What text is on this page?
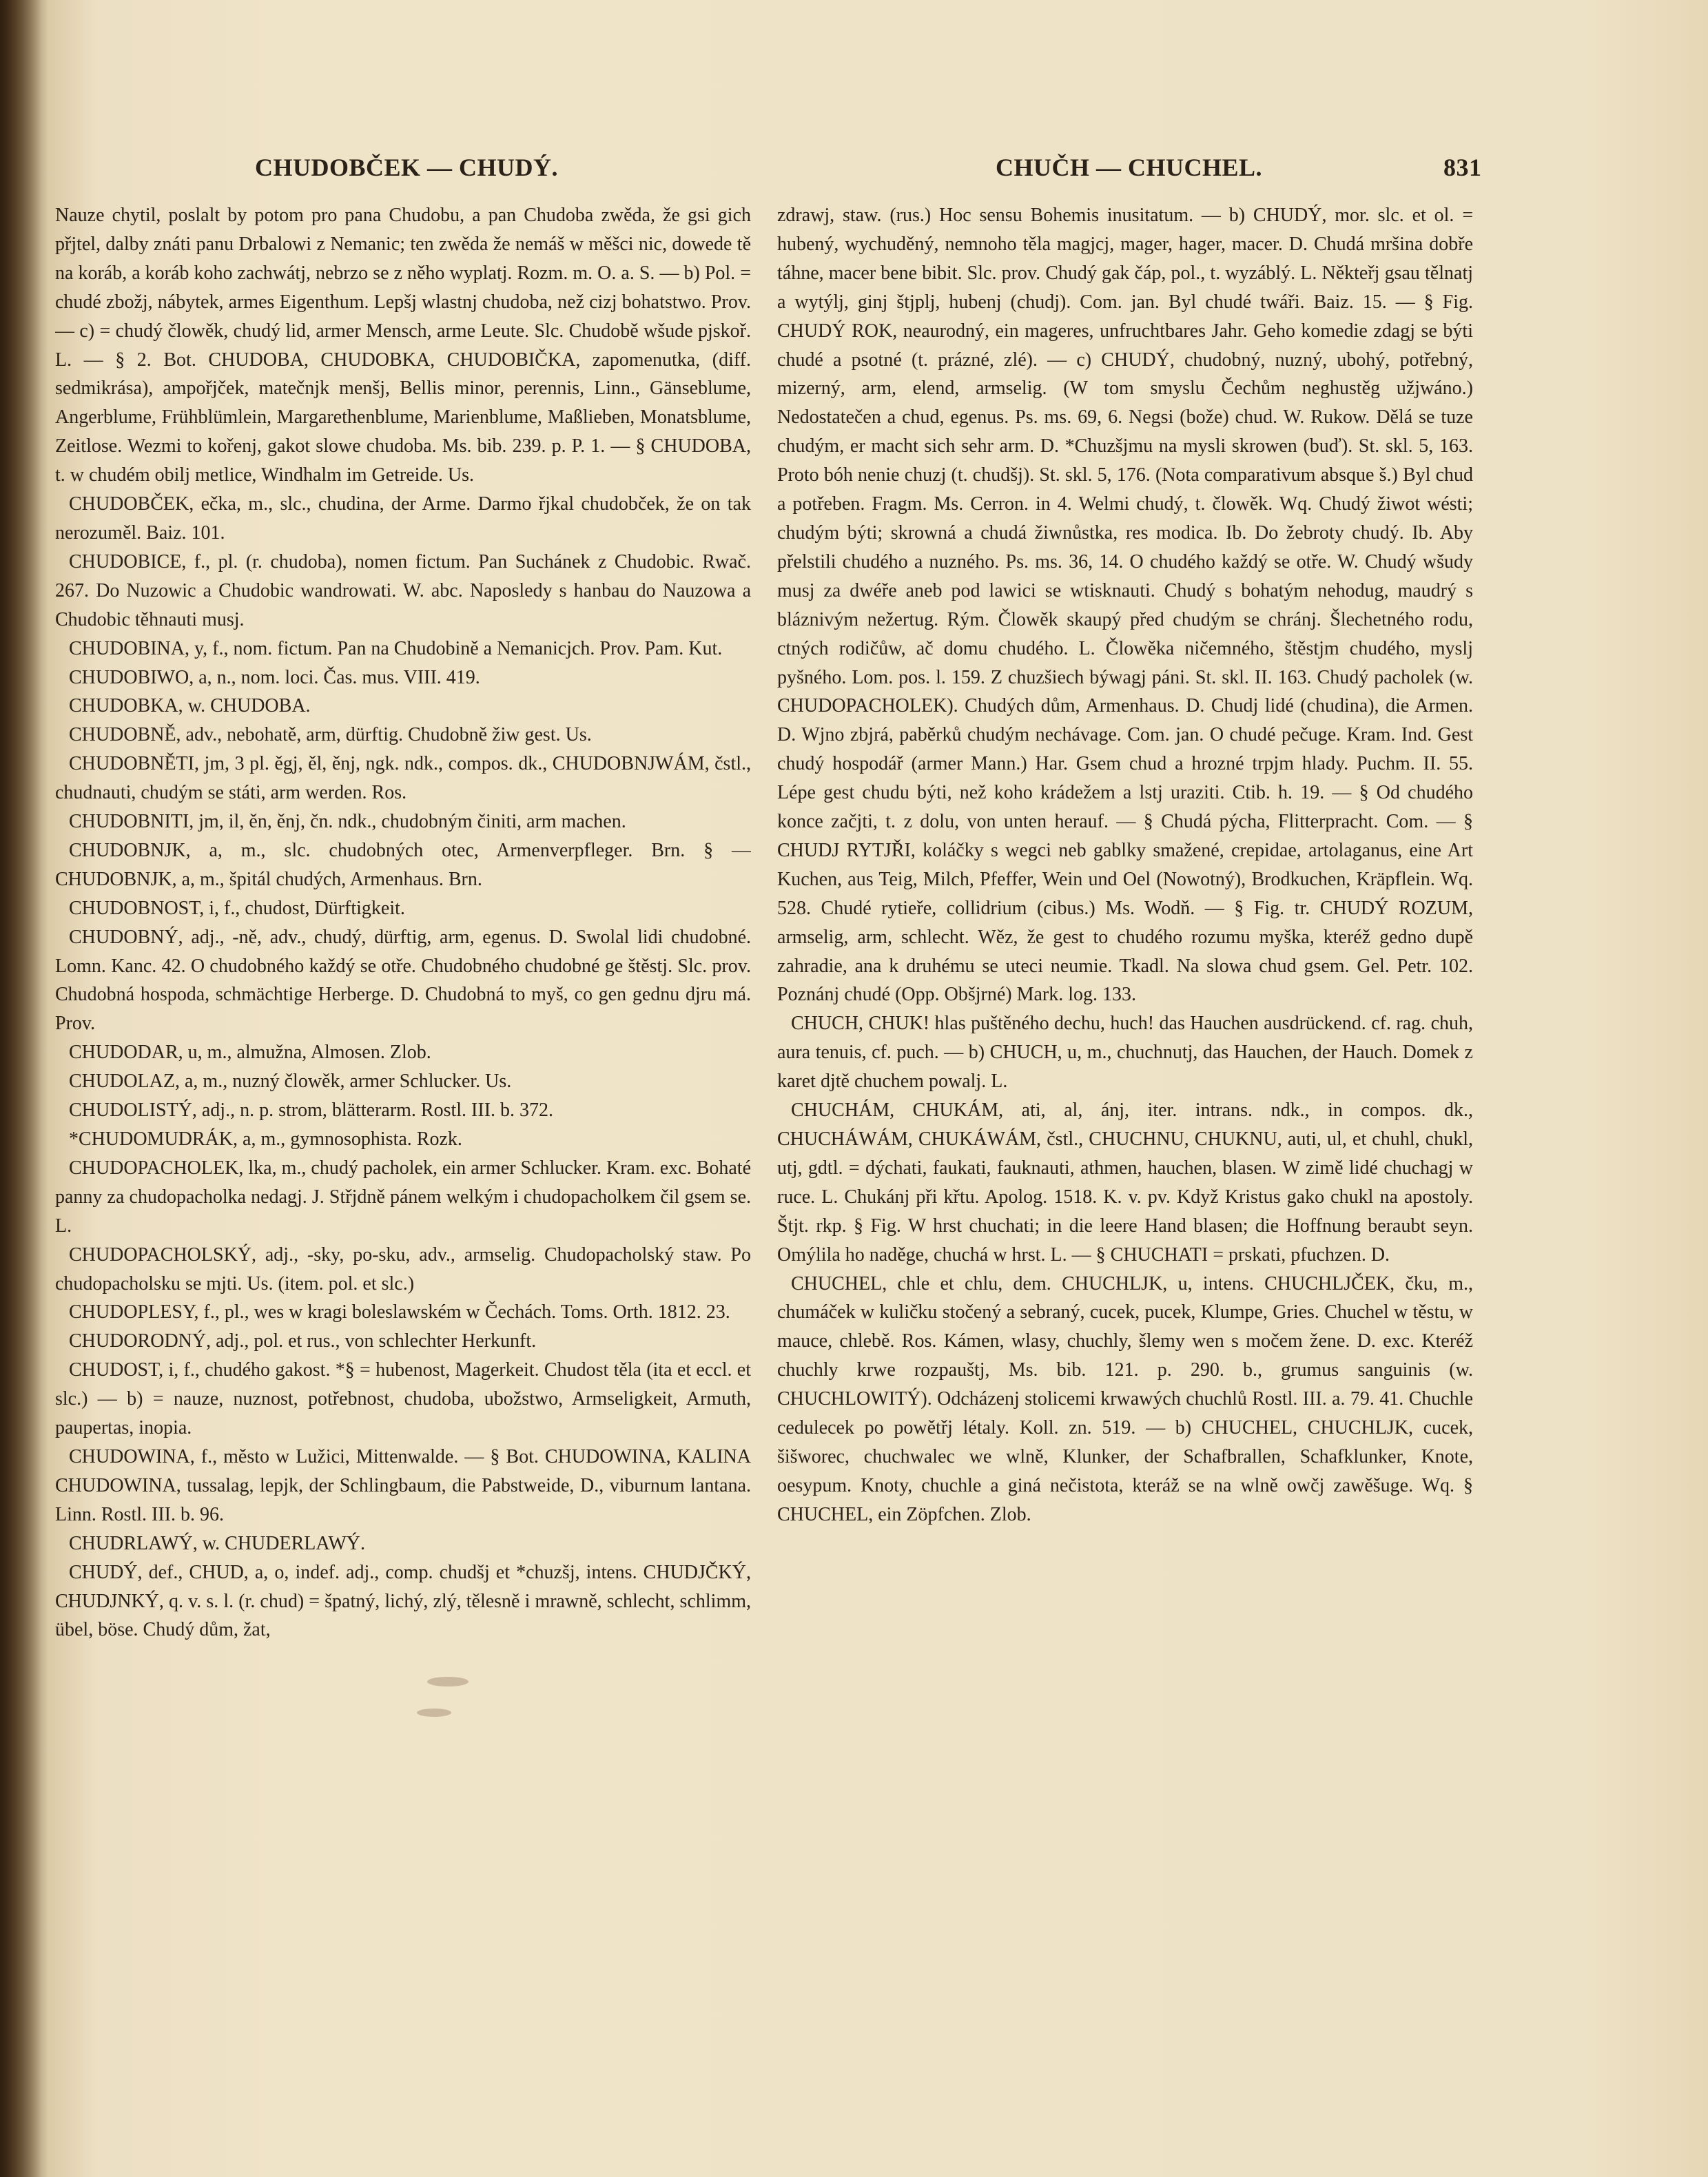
CHUDOBČEK — CHUDÝ.	CHUČH — CHUCHEL.	831

Nauze chytil, poslalt by potom pro pana Chudobu, a pan Chudoba zwěda, že gsi gich přjtel, dalby znáti panu Drbalowi z Nemanic; ten zwěda že nemáš w měšci nic, dowede tě na koráb, a koráb koho zachwátj, nebrzo se z něho wyplatj. Rozm. m. O. a. S. — b) Pol. = chudé zbožj, nábytek, armes Eigenthum. Lepšj wlastnj chudoba, než cizj bohatstwo. Prov. — c) = chudý člowěk, chudý lid, armer Mensch, arme Leute. Slc. Chudobě wšude pjskoř. L. — § 2. Bot. CHUDOBA, CHUDOBKA, CHUDOBIČKA, zapomenutka, (diff. sedmikrása), ampořjček, matečnjk menšj, Bellis minor, perennis, Linn., Gänseblume, Angerblume, Frühblümlein, Margarethenblume, Marienblume, Maßlieben, Monatsblume, Zeitlose. Wezmi to kořenj, gakot slowe chudoba. Ms. bib. 239. p. P. 1. — § CHUDOBA, t. w chudém obilj metlice, Windhalm im Getreide. Us.

CHUDOBČEK, ečka, m., slc., chudina, der Arme. Darmo řjkal chudobček, že on tak nerozuměl. Baiz. 101.

CHUDOBICE, f., pl. (r. chudoba), nomen fictum. Pan Suchánek z Chudobic. Rwač. 267. Do Nuzowic a Chudobic wandrowati. W. abc. Naposledy s hanbau do Nauzowa a Chudobic těhnauti musj.

CHUDOBINA, y, f., nom. fictum. Pan na Chudobině a Nemanicjch. Prov. Pam. Kut.

CHUDOBIWO, a, n., nom. loci. Čas. mus. VIII. 419.

CHUDOBKA, w. CHUDOBA.

CHUDOBNĚ, adv., nebohatě, arm, dürftig. Chudobně žiw gest. Us.

CHUDOBNĚTI, jm, 3 pl. ěgj, ěl, ěnj, ngk. ndk., compos. dk., CHUDOBNJWÁM, čstl., chudnauti, chudým se státi, arm werden. Ros.

CHUDOBNITI, jm, il, ěn, ěnj, čn. ndk., chudobným činiti, arm machen.

CHUDOBNJK, a, m., slc. chudobných otec, Armenverpfleger. Brn. § — CHUDOBNJK, a, m., špitál chudých, Armenhaus. Brn.

CHUDOBNOST, i, f., chudost, Dürftigkeit.

CHUDOBNÝ, adj., -ně, adv., chudý, dürftig, arm, egenus. D. Swolal lidi chudobné. Lomn. Kanc. 42. O chudobného každý se otře. Chudobného chudobné ge štěstj. Slc. prov. Chudobná hospoda, schmächtige Herberge. D. Chudobná to myš, co gen gednu djru má. Prov.

CHUDODAR, u, m., almužna, Almosen. Zlob.

CHUDOLAZ, a, m., nuzný člowěk, armer Schlucker. Us.

CHUDOLISTÝ, adj., n. p. strom, blätterarm. Rostl. III. b. 372.

*CHUDOMUDRÁK, a, m., gymnosophista. Rozk.

CHUDOPACHOLEK, lka, m., chudý pacholek, ein armer Schlucker. Kram. exc. Bohaté panny za chudopacholka nedagj. J. Střjdně pánem welkým i chudopacholkem čil gsem se. L.

CHUDOPACHOLSKÝ, adj., -sky, po-sku, adv., armselig. Chudopacholský staw. Po chudopacholsku se mjti. Us. (item. pol. et slc.)

CHUDOPLESY, f., pl., wes w kragi boleslawském w Čechách. Toms. Orth. 1812. 23.

CHUDORODNÝ, adj., pol. et rus., von schlechter Herkunft.

CHUDOST, i, f., chudého gakost. *§ = hubenost, Magerkeit. Chudost těla (ita et eccl. et slc.) — b) = nauze, nuznost, potřebnost, chudoba, ubožstwo, Armseligkeit, Armuth, paupertas, inopia.

CHUDOWINA, f., město w Lužici, Mittenwalde. — § Bot. CHUDOWINA, KALINA CHUDOWINA, tussalag, lepjk, der Schlingbaum, die Pabstweide, D., viburnum lantana. Linn. Rostl. III. b. 96.

CHUDRLAWÝ, w. CHUDERLAWÝ.

CHUDÝ, def., CHUD, a, o, indef. adj., comp. chudšj et *chuzšj, intens. CHUDJČKÝ, CHUDJNKÝ, q. v. s. l. (r. chud) = špatný, lichý, zlý, tělesně i mrawně, schlecht, schlimm, übel, böse. Chudý dům, žat,

zdrawj, staw. (rus.) Hoc sensu Bohemis inusitatum. — b) CHUDÝ, mor. slc. et ol. = hubený, wychuděný, nemnoho těla magjcj, mager, hager, macer. D. Chudá mršina dobře táhne, macer bene bibit. Slc. prov. Chudý gak čáp, pol., t. wyzáblý. L. Někteřj gsau tělnatj a wytýlj, ginj štjplj, hubenj (chudj). Com. jan. Byl chudé twáři. Baiz. 15. — § Fig. CHUDÝ ROK, neaurodný, ein mageres, unfruchtbares Jahr. Geho komedie zdagj se býti chudé a psotné (t. prázné, zlé). — c) CHUDÝ, chudobný, nuzný, ubohý, potřebný, mizerný, arm, elend, armselig. (W tom smyslu Čechům neghustěg užjwáno.) Nedostatečen a chud, egenus. Ps. ms. 69, 6. Negsi (bože) chud. W. Rukow. Dělá se tuze chudým, er macht sich sehr arm. D. *Chuzšjmu na mysli skrowen (buď). St. skl. 5, 163. Proto bóh nenie chuzj (t. chudšj). St. skl. 5, 176. (Nota comparativum absque š.) Byl chud a potřeben. Fragm. Ms. Cerron. in 4. Welmi chudý, t. člowěk. Wq. Chudý žiwot wésti; chudým býti; skrowná a chudá žiwnůstka, res modica. Ib. Do žebroty chudý. Ib. Aby přelstili chudého a nuzného. Ps. ms. 36, 14. O chudého každý se otře. W. Chudý wšudy musj za dwéře aneb pod lawici se wtisknauti. Chudý s bohatým nehodug, maudrý s bláznivým nežertug. Rým. Člowěk skaupý před chudým se chránj. Šlechetného rodu, ctných rodičůw, ač domu chudého. L. Člowěka ničemného, štěstjm chudého, myslj pyšného. Lom. pos. l. 159. Z chuzšiech býwagj páni. St. skl. II. 163. Chudý pacholek (w. CHUDOPACHOLEK). Chudých dům, Armenhaus. D. Chudj lidé (chudina), die Armen. D. Wjno zbjrá, paběrků chudým nechávage. Com. jan. O chudé pečuge. Kram. Ind. Gest chudý hospodář (armer Mann.) Har. Gsem chud a hrozné trpjm hlady. Puchm. II. 55. Lépe gest chudu býti, než koho krádežem a lstj uraziti. Ctib. h. 19. — § Od chudého konce začjti, t. z dolu, von unten herauf. — § Chudá pýcha, Flitterpracht. Com. — § CHUDJ RYTJŘI, koláčky s wegci neb gablky smažené, crepidae, artolaganus, eine Art Kuchen, aus Teig, Milch, Pfeffer, Wein und Oel (Nowotný), Brodkuchen, Kräpflein. Wq. 528. Chudé rytieře, collidrium (cibus.) Ms. Wodň. — § Fig. tr. CHUDÝ ROZUM, armselig, arm, schlecht. Wěz, že gest to chudého rozumu myška, kteréž gedno dupě zahradie, ana k druhému se uteci neumie. Tkadl. Na slowa chud gsem. Gel. Petr. 102. Poznánj chudé (Opp. Obšjrné) Mark. log. 133.

CHUCH, CHUK! hlas puštěného dechu, huch! das Hauchen ausdrückend. cf. rag. chuh, aura tenuis, cf. puch. — b) CHUCH, u, m., chuchnutj, das Hauchen, der Hauch. Domek z karet djtě chuchem powalj. L.

CHUCHÁM, CHUKÁM, ati, al, ánj, iter. intrans. ndk., in compos. dk., CHUCHÁWÁM, CHUKÁWÁM, čstl., CHUCHNU, CHUKNU, auti, ul, et chuhl, chukl, utj, gdtl. = dýchati, faukati, fauknauti, athmen, hauchen, blasen. W zimě lidé chuchagj w ruce. L. Chukánj při křtu. Apolog. 1518. K. v. pv. Když Kristus gako chukl na apostoly. Štjt. rkp. § Fig. W hrst chuchati; in die leere Hand blasen; die Hoffnung beraubt seyn. Omýlila ho naděge, chuchá w hrst. L. — § CHUCHATI = prskati, pfuchzen. D.

CHUCHEL, chle et chlu, dem. CHUCHLJK, u, intens. CHUCHLJČEK, čku, m., chumáček w kuličku stočený a sebraný, cucek, pucek, Klumpe, Gries. Chuchel w těstu, w mauce, chlebě. Ros. Kámen, wlasy, chuchly, šlemy wen s močem žene. D. exc. Kteréž chuchly krwe rozpauštj, Ms. bib. 121. p. 290. b., grumus sanguinis (w. CHUCHLOWITÝ). Odcházenj stolicemi krwawých chuchlů Rostl. III. a. 79. 41. Chuchle cedulecek po powětřj létaly. Koll. zn. 519. — b) CHUCHEL, CHUCHLJK, cucek, šišworec, chuchwalec we wlně, Klunker, der Schafbrallen, Schafklunker, Knote, oesypum. Knoty, chuchle a giná nečistota, kteráž se na wlně owčj zawěšuge. Wq. § CHUCHEL, ein Zöpfchen. Zlob.
